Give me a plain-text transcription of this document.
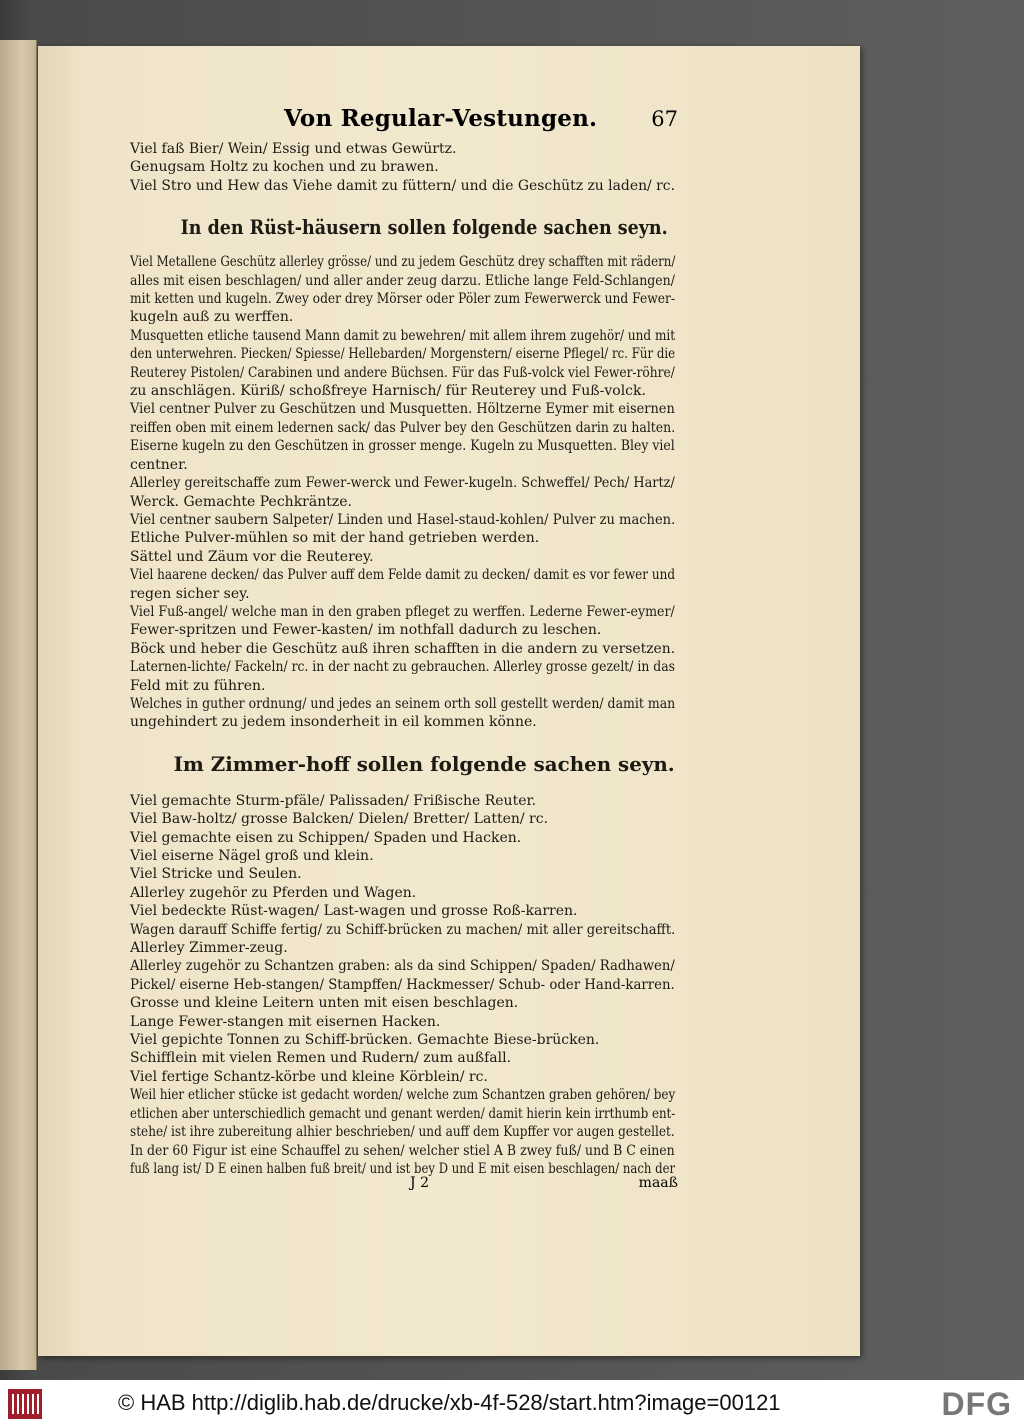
Von Regular-Vestungen.	67
Viel faß Bier/ Wein/ Essig und etwas Gewürtz.
Genugsam Holtz zu kochen und zu brawen.
Viel Stro und Hew das Viehe damit zu füttern/ und die Geschütz zu laden/ rc.
In den Rüst-häusern sollen folgende sachen seyn.
Viel Metallene Geschütz allerley grösse/ und zu jedem Geschütz drey schafften mit rädern/
alles mit eisen beschlagen/ und aller ander zeug darzu. Etliche lange Feld-Schlangen/
mit ketten und kugeln. Zwey oder drey Mörser oder Pöler zum Fewerwerck und Fewer-
kugeln auß zu werffen.
Musquetten etliche tausend Mann damit zu bewehren/ mit allem ihrem zugehör/ und mit
den unterwehren. Piecken/ Spiesse/ Hellebarden/ Morgenstern/ eiserne Pflegel/ rc. Für die
Reuterey Pistolen/ Carabinen und andere Büchsen. Für das Fuß-volck viel Fewer-röhre/
zu anschlägen. Küriß/ schoßfreye Harnisch/ für Reuterey und Fuß-volck.
Viel centner Pulver zu Geschützen und Musquetten. Höltzerne Eymer mit eisernen
reiffen oben mit einem ledernen sack/ das Pulver bey den Geschützen darin zu halten.
Eiserne kugeln zu den Geschützen in grosser menge. Kugeln zu Musquetten. Bley viel
centner.
Allerley gereitschaffe zum Fewer-werck und Fewer-kugeln. Schweffel/ Pech/ Hartz/
Werck. Gemachte Pechkräntze.
Viel centner saubern Salpeter/ Linden und Hasel-staud-kohlen/ Pulver zu machen.
Etliche Pulver-mühlen so mit der hand getrieben werden.
Sättel und Zäum vor die Reuterey.
Viel haarene decken/ das Pulver auff dem Felde damit zu decken/ damit es vor fewer und
regen sicher sey.
Viel Fuß-angel/ welche man in den graben pfleget zu werffen. Lederne Fewer-eymer/
Fewer-spritzen und Fewer-kasten/ im nothfall dadurch zu leschen.
Böck und heber die Geschütz auß ihren schafften in die andern zu versetzen.
Laternen-lichte/ Fackeln/ rc. in der nacht zu gebrauchen. Allerley grosse gezelt/ in das
Feld mit zu führen.
Welches in guther ordnung/ und jedes an seinem orth soll gestellt werden/ damit man
ungehindert zu jedem insonderheit in eil kommen könne.
Im Zimmer-hoff sollen folgende sachen seyn.
Viel gemachte Sturm-pfäle/ Palissaden/ Frißische Reuter.
Viel Baw-holtz/ grosse Balcken/ Dielen/ Bretter/ Latten/ rc.
Viel gemachte eisen zu Schippen/ Spaden und Hacken.
Viel eiserne Nägel groß und klein.
Viel Stricke und Seulen.
Allerley zugehör zu Pferden und Wagen.
Viel bedeckte Rüst-wagen/ Last-wagen und grosse Roß-karren.
Wagen darauff Schiffe fertig/ zu Schiff-brücken zu machen/ mit aller gereitschafft.
Allerley Zimmer-zeug.
Allerley zugehör zu Schantzen graben: als da sind Schippen/ Spaden/ Radhawen/
Pickel/ eiserne Heb-stangen/ Stampffen/ Hackmesser/ Schub- oder Hand-karren.
Grosse und kleine Leitern unten mit eisen beschlagen.
Lange Fewer-stangen mit eisernen Hacken.
Viel gepichte Tonnen zu Schiff-brücken. Gemachte Biese-brücken.
Schifflein mit vielen Remen und Rudern/ zum außfall.
Viel fertige Schantz-körbe und kleine Körblein/ rc.
Weil hier etlicher stücke ist gedacht worden/ welche zum Schantzen graben gehören/ bey
etlichen aber unterschiedlich gemacht und genant werden/ damit hierin kein irrthumb ent-
stehe/ ist ihre zubereitung alhier beschrieben/ und auff dem Kupffer vor augen gestellet.
In der 60 Figur ist eine Schauffel zu sehen/ welcher stiel A B zwey fuß/ und B C einen
fuß lang ist/ D E einen halben fuß breit/ und ist bey D und E mit eisen beschlagen/ nach der
J 2	maaß
© HAB http://diglib.hab.de/drucke/xb-4f-528/start.htm?image=00121	DFG
